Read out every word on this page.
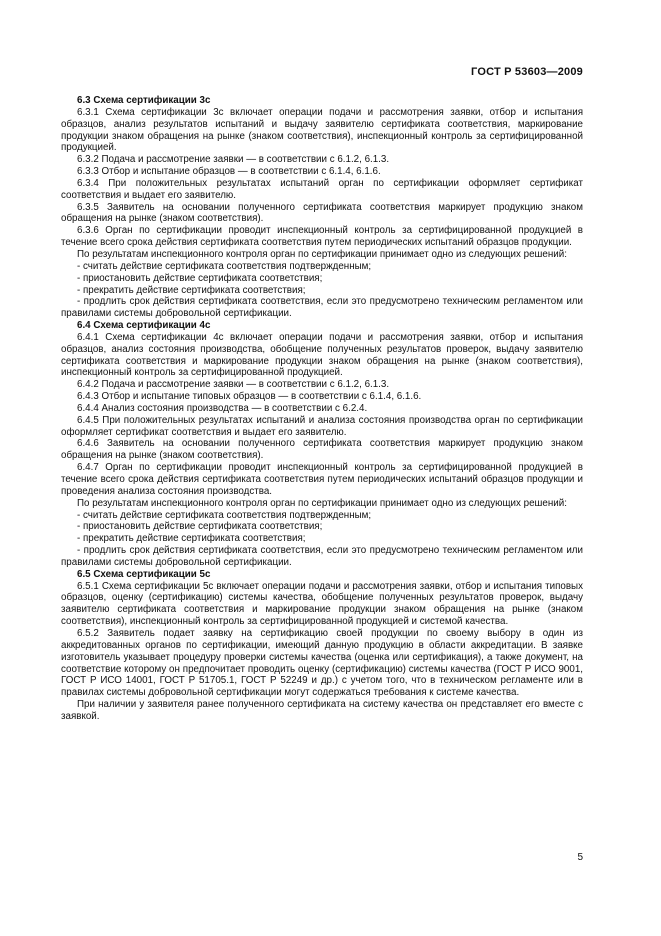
ГОСТ Р 53603—2009

6.3 Схема сертификации 3с

6.3.1 Схема сертификации 3с включает операции подачи и рассмотрения заявки, отбор и испытания образцов, анализ результатов испытаний и выдачу заявителю сертификата соответствия, маркирование продукции знаком обращения на рынке (знаком соответствия), инспекционный контроль за сертифицированной продукцией.

6.3.2 Подача и рассмотрение заявки — в соответствии с 6.1.2, 6.1.3.

6.3.3 Отбор и испытание образцов — в соответствии с 6.1.4, 6.1.6.

6.3.4 При положительных результатах испытаний орган по сертификации оформляет сертификат соответствия и выдает его заявителю.

6.3.5 Заявитель на основании полученного сертификата соответствия маркирует продукцию знаком обращения на рынке (знаком соответствия).

6.3.6 Орган по сертификации проводит инспекционный контроль за сертифицированной продукцией в течение всего срока действия сертификата соответствия путем периодических испытаний образцов продукции.

По результатам инспекционного контроля орган по сертификации принимает одно из следующих решений:

- считать действие сертификата соответствия подтвержденным;

- приостановить действие сертификата соответствия;

- прекратить действие сертификата соответствия;

- продлить срок действия сертификата соответствия, если это предусмотрено техническим регламентом или правилами системы добровольной сертификации.

6.4 Схема сертификации 4с

6.4.1 Схема сертификации 4с включает операции подачи и рассмотрения заявки, отбор и испытания образцов, анализ состояния производства, обобщение полученных результатов проверок, выдачу заявителю сертификата соответствия и маркирование продукции знаком обращения на рынке (знаком соответствия), инспекционный контроль за сертифицированной продукцией.

6.4.2 Подача и рассмотрение заявки — в соответствии с 6.1.2, 6.1.3.

6.4.3 Отбор и испытание типовых образцов — в соответствии с 6.1.4, 6.1.6.

6.4.4 Анализ состояния производства — в соответствии с 6.2.4.

6.4.5 При положительных результатах испытаний и анализа состояния производства орган по сертификации оформляет сертификат соответствия и выдает его заявителю.

6.4.6 Заявитель на основании полученного сертификата соответствия маркирует продукцию знаком обращения на рынке (знаком соответствия).

6.4.7 Орган по сертификации проводит инспекционный контроль за сертифицированной продукцией в течение всего срока действия сертификата соответствия путем периодических испытаний образцов продукции и проведения анализа состояния производства.

По результатам инспекционного контроля орган по сертификации принимает одно из следующих решений:

- считать действие сертификата соответствия подтвержденным;

- приостановить действие сертификата соответствия;

- прекратить действие сертификата соответствия;

- продлить срок действия сертификата соответствия, если это предусмотрено техническим регламентом или правилами системы добровольной сертификации.

6.5 Схема сертификации 5с

6.5.1 Схема сертификации 5с включает операции подачи и рассмотрения заявки, отбор и испытания типовых образцов, оценку (сертификацию) системы качества, обобщение полученных результатов проверок, выдачу заявителю сертификата соответствия и маркирование продукции знаком обращения на рынке (знаком соответствия), инспекционный контроль за сертифицированной продукцией и системой качества.

6.5.2 Заявитель подает заявку на сертификацию своей продукции по своему выбору в один из аккредитованных органов по сертификации, имеющий данную продукцию в области аккредитации. В заявке изготовитель указывает процедуру проверки системы качества (оценка или сертификация), а также документ, на соответствие которому он предпочитает проводить оценку (сертификацию) системы качества (ГОСТ Р ИСО 9001, ГОСТ Р ИСО 14001, ГОСТ Р 51705.1, ГОСТ Р 52249 и др.) с учетом того, что в техническом регламенте или в правилах системы добровольной сертификации могут содержаться требования к системе качества.

При наличии у заявителя ранее полученного сертификата на систему качества он представляет его вместе с заявкой.

5
